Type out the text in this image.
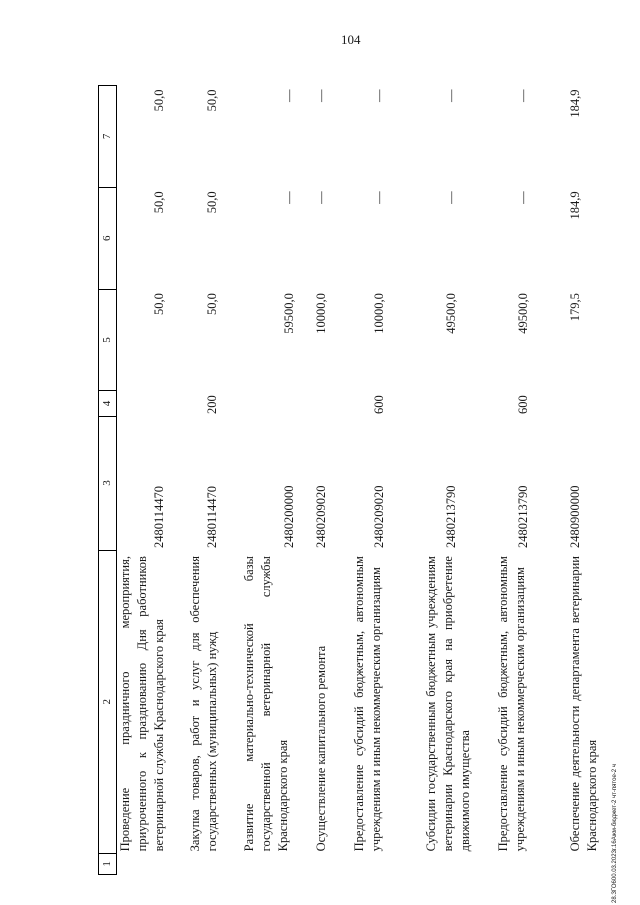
104
28.ЗГО600.03.2023г.16Ажм-бюджет-2 чт-пятое-2 ч
1	2	3	4	5	6	7
	Проведение праздничного мероприятия, приуроченного к празднованию Дня работников ветеринарной службы Краснодарского края	2480114470		50,0	50,0	50,0

	Закупка товаров, работ и услуг для обеспечения государственных (муниципальных) нужд	2480114470	200	50,0	50,0	50,0

	Развитие материально-технической базы государственной ветеринарной службы Краснодарского края	2480200000		59500,0	—	—

	Осуществление капитального ремонта	2480209020		10000,0	—	—

	Предоставление субсидий бюджетным, автономным учреждениям и иным некоммерческим организациям	2480209020	600	10000,0	—	—

	Субсидии государственным бюджетным учреждениям ветеринарии Краснодарского края на приобретение движимого имущества	2480213790		49500,0	—	—

	Предоставление субсидий бюджетным, автономным учреждениям и иным некоммерческим организациям	2480213790	600	49500,0	—	—

	Обеспечение деятельности департамента ветеринарии Краснодарского края	2480900000		179,5	184,9	184,9
